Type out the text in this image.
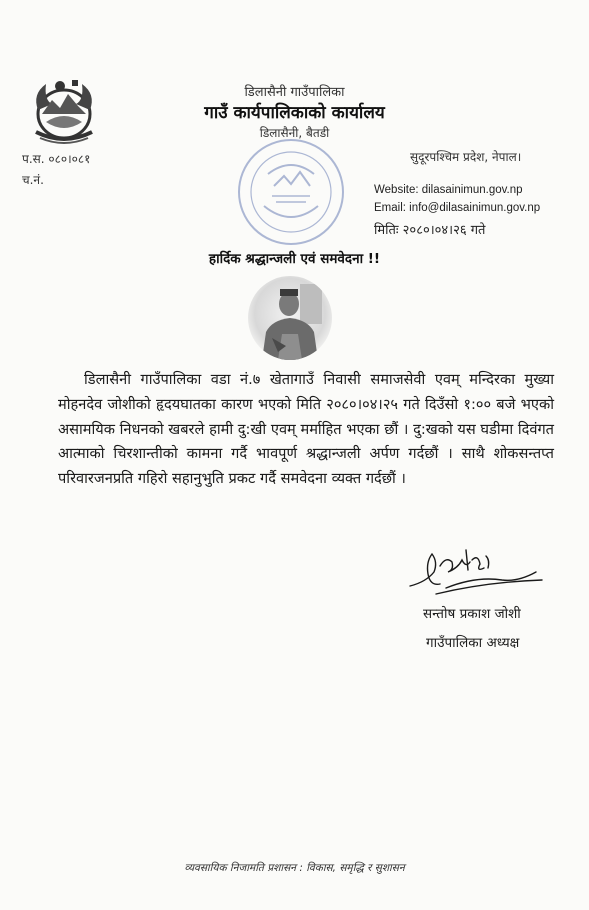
डिलासैनी गाउँपालिका
गाउँ कार्यपालिकाको कार्यालय
डिलासैनी, बैतडी
प.स. ०८०।०८१
च.नं.
सुदूरपश्चिम प्रदेश, नेपाल।
Website: dilasainimun.gov.np
Email: info@dilasainimun.gov.np
मितिः २०८०।०४।२६ गते
हार्दिक श्रद्धान्जली एवं समवेदना !!
डिलासैनी गाउँपालिका वडा नं.७ खेतागाउँ निवासी समाजसेवी एवम् मन्दिरका मुख्या मोहनदेव जोशीको हृदयघातका कारण भएको मिति २०८०।०४।२५ गते दिउँसो १:०० बजे भएको असामयिक निधनको खबरले हामी दु:खी एवम् मर्माहित भएका छौं । दु:खको यस घडीमा दिवंगत आत्माको चिरशान्तीको कामना गर्दै भावपूर्ण श्रद्धान्जली अर्पण गर्दछौं । साथै शोकसन्तप्त परिवारजनप्रति गहिरो सहानुभुति प्रकट गर्दै समवेदना व्यक्त गर्दछौं ।
सन्तोष प्रकाश जोशी
गाउँपालिका अध्यक्ष
व्यवसायिक निजामति प्रशासन : विकास, समृद्धि र सुशासन
